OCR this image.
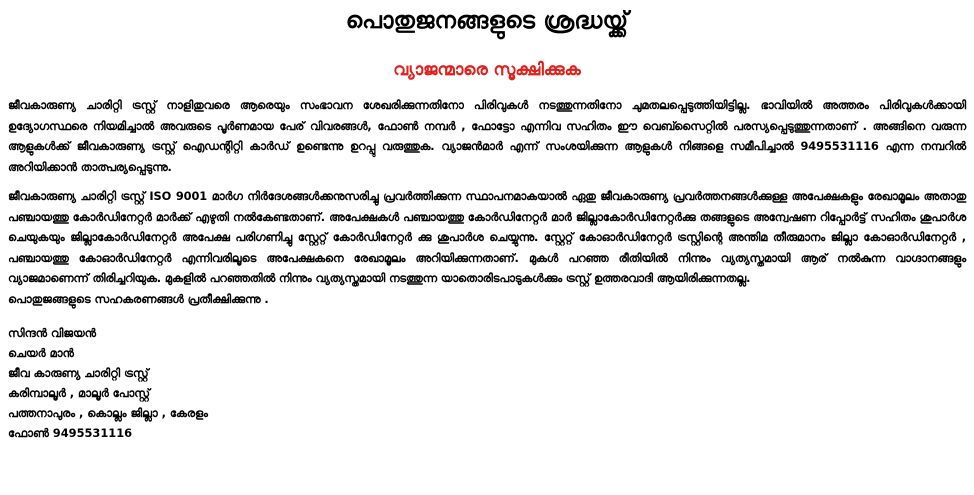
പൊതുജനങ്ങളുടെ ശ്രദ്ധയ്ക്ക്
വ്യാജന്മാരെ സൂക്ഷിക്കുക

ജീവകാരുണ്യ ചാരിറ്റി ട്രസ്റ്റ് നാളിതുവരെ ആരെയും സംഭാവന ശേഖരിക്കുന്നതിനോ പിരിവുകൾ നടത്തുന്നതിനോ ചുമതലപ്പെടുത്തിയിട്ടില്ല. ഭാവിയിൽ അത്തരം പിരിവുകൾക്കായി ഉദ്യോഗസ്ഥരെ നിയമിച്ചാൽ അവരുടെ പൂർണമായ പേര് വിവരങ്ങൾ, ഫോൺ നമ്പർ , ഫോട്ടോ എന്നിവ സഹിതം ഈ വെബ്സൈറ്റിൽ പരസ്യപ്പെടുത്തുന്നതാണ് . അങ്ങിനെ വരുന്ന ആളുകൾക്ക് ജീവകാരുണ്യ ട്രസ്റ്റ് ഐഡന്റിറ്റി കാർഡ് ഉണ്ടെന്നു ഉറപ്പു വരുത്തുക. വ്യാജൻമാർ എന്ന് സംശയിക്കുന്ന ആളുകൾ നിങ്ങളെ സമീപിച്ചാൽ 9495531116 എന്ന നമ്പറിൽ അറിയിക്കാൻ താത്പര്യപ്പെടുന്നു.

ജീവകാരുണ്യ ചാരിറ്റി ട്രസ്റ്റ് ISO 9001 മാർഗ നിർദേശങ്ങൾക്കനുസരിച്ചു പ്രവർത്തിക്കുന്ന സ്ഥാപനമാകയാൽ ഏതു ജീവകാരുണ്യ പ്രവർത്തനങ്ങൾക്കുള്ള അപേക്ഷകളും രേഖാമൂലം അതാതു പഞ്ചായത്തു കോർഡിനേറ്റർ മാർക്ക് എഴുതി നൽകേണ്ടതാണ്. അപേക്ഷകൾ പഞ്ചായത്തു കോർഡിനേറ്റർ മാർ ജില്ലാകോർഡിനേറ്റർക്കു തങ്ങളുടെ അന്വേഷണ റിപ്പോർട്ട് സഹിതം ശുപാർശ ചെയുകയും ജില്ലാകോർഡിനേറ്റർ അപേക്ഷ പരിഗണിച്ചു സ്റ്റേറ്റ് കോർഡിനേറ്റർ ക്കു ശുപാർശ ചെയ്യുന്നു. സ്റ്റേറ്റ് കോഓർഡിനേറ്റർ ട്രസ്റ്റിന്റെ അന്തിമ തീരുമാനം ജില്ലാ കോഓർഡിനേറ്റർ , പഞ്ചായത്തു കോഓർഡിനേറ്റർ എന്നിവരിലൂടെ അപേക്ഷകനെ രേഖാമൂലം അറിയിക്കുന്നതാണ്. മുകൾ പറഞ്ഞ രീതിയിൽ നിന്നും വ്യത്യസ്തമായി ആര് നൽകുന്ന വാഗ്ദാനങ്ങളും വ്യാജമാണെന്ന് തിരിച്ചറിയുക. മുകളിൽ പറഞ്ഞതിൽ നിന്നും വ്യത്യസ്തമായി നടത്തുന്ന യാതൊരിടപാടുകൾക്കും ട്രസ്റ്റ് ഉത്തരവാദി ആയിരിക്കുന്നതല്ല.

പൊതുജങ്ങളുടെ സഹകരണങ്ങൾ പ്രതീക്ഷിക്കുന്നു .

സിന്ദൻ വിജയൻ
ചെയർ മാൻ
ജീവ കാരുണ്യ ചാരിറ്റി ട്രസ്റ്റ്
കരിമ്പാലൂർ , മാലൂർ പോസ്റ്റ്
പത്തനാപുരം , കൊല്ലം ജില്ലാ , കേരളം
ഫോൺ 9495531116
